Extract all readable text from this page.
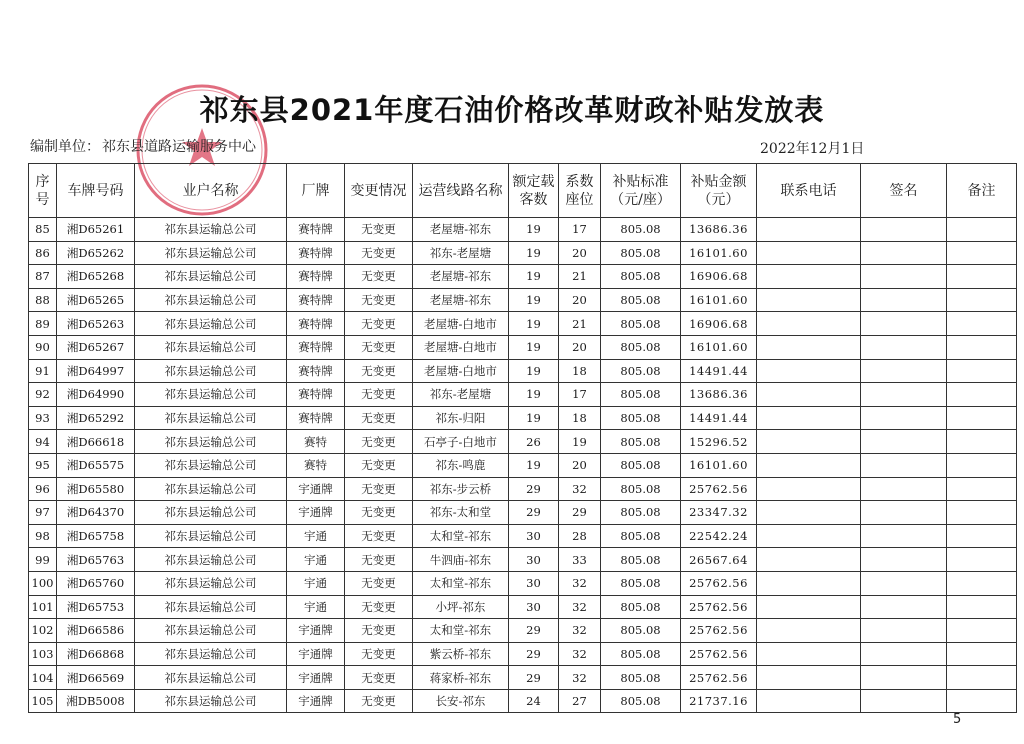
祁东县2021年度石油价格改革财政补贴发放表
编制单位： 祁东县道路运输服务中心	2022年12月1日
序号	车牌号码	业户名称	厂牌	变更情况	运营线路名称	额定载客数	系数座位	补贴标准（元/座）	补贴金额（元）	联系电话	签名	备注
85	湘D65261	祁东县运输总公司	赛特牌	无变更	老屋塘-祁东	19	17	805.08	13686.36			
86	湘D65262	祁东县运输总公司	赛特牌	无变更	祁东-老屋塘	19	20	805.08	16101.60			
87	湘D65268	祁东县运输总公司	赛特牌	无变更	老屋塘-祁东	19	21	805.08	16906.68			
88	湘D65265	祁东县运输总公司	赛特牌	无变更	老屋塘-祁东	19	20	805.08	16101.60			
89	湘D65263	祁东县运输总公司	赛特牌	无变更	老屋塘-白地市	19	21	805.08	16906.68			
90	湘D65267	祁东县运输总公司	赛特牌	无变更	老屋塘-白地市	19	20	805.08	16101.60			
91	湘D64997	祁东县运输总公司	赛特牌	无变更	老屋塘-白地市	19	18	805.08	14491.44			
92	湘D64990	祁东县运输总公司	赛特牌	无变更	祁东-老屋塘	19	17	805.08	13686.36			
93	湘D65292	祁东县运输总公司	赛特牌	无变更	祁东-归阳	19	18	805.08	14491.44			
94	湘D66618	祁东县运输总公司	赛特	无变更	石亭子-白地市	26	19	805.08	15296.52			
95	湘D65575	祁东县运输总公司	赛特	无变更	祁东-鸣鹿	19	20	805.08	16101.60			
96	湘D65580	祁东县运输总公司	宇通牌	无变更	祁东-步云桥	29	32	805.08	25762.56			
97	湘D64370	祁东县运输总公司	宇通牌	无变更	祁东-太和堂	29	29	805.08	23347.32			
98	湘D65758	祁东县运输总公司	宇通	无变更	太和堂-祁东	30	28	805.08	22542.24			
99	湘D65763	祁东县运输总公司	宇通	无变更	牛泗庙-祁东	30	33	805.08	26567.64			
100	湘D65760	祁东县运输总公司	宇通	无变更	太和堂-祁东	30	32	805.08	25762.56			
101	湘D65753	祁东县运输总公司	宇通	无变更	小坪-祁东	30	32	805.08	25762.56			
102	湘D66586	祁东县运输总公司	宇通牌	无变更	太和堂-祁东	29	32	805.08	25762.56			
103	湘D66868	祁东县运输总公司	宇通牌	无变更	紫云桥-祁东	29	32	805.08	25762.56			
104	湘D66569	祁东县运输总公司	宇通牌	无变更	蒋家桥-祁东	29	32	805.08	25762.56			
105	湘DB5008	祁东县运输总公司	宇通牌	无变更	长安-祁东	24	27	805.08	21737.16			
5
